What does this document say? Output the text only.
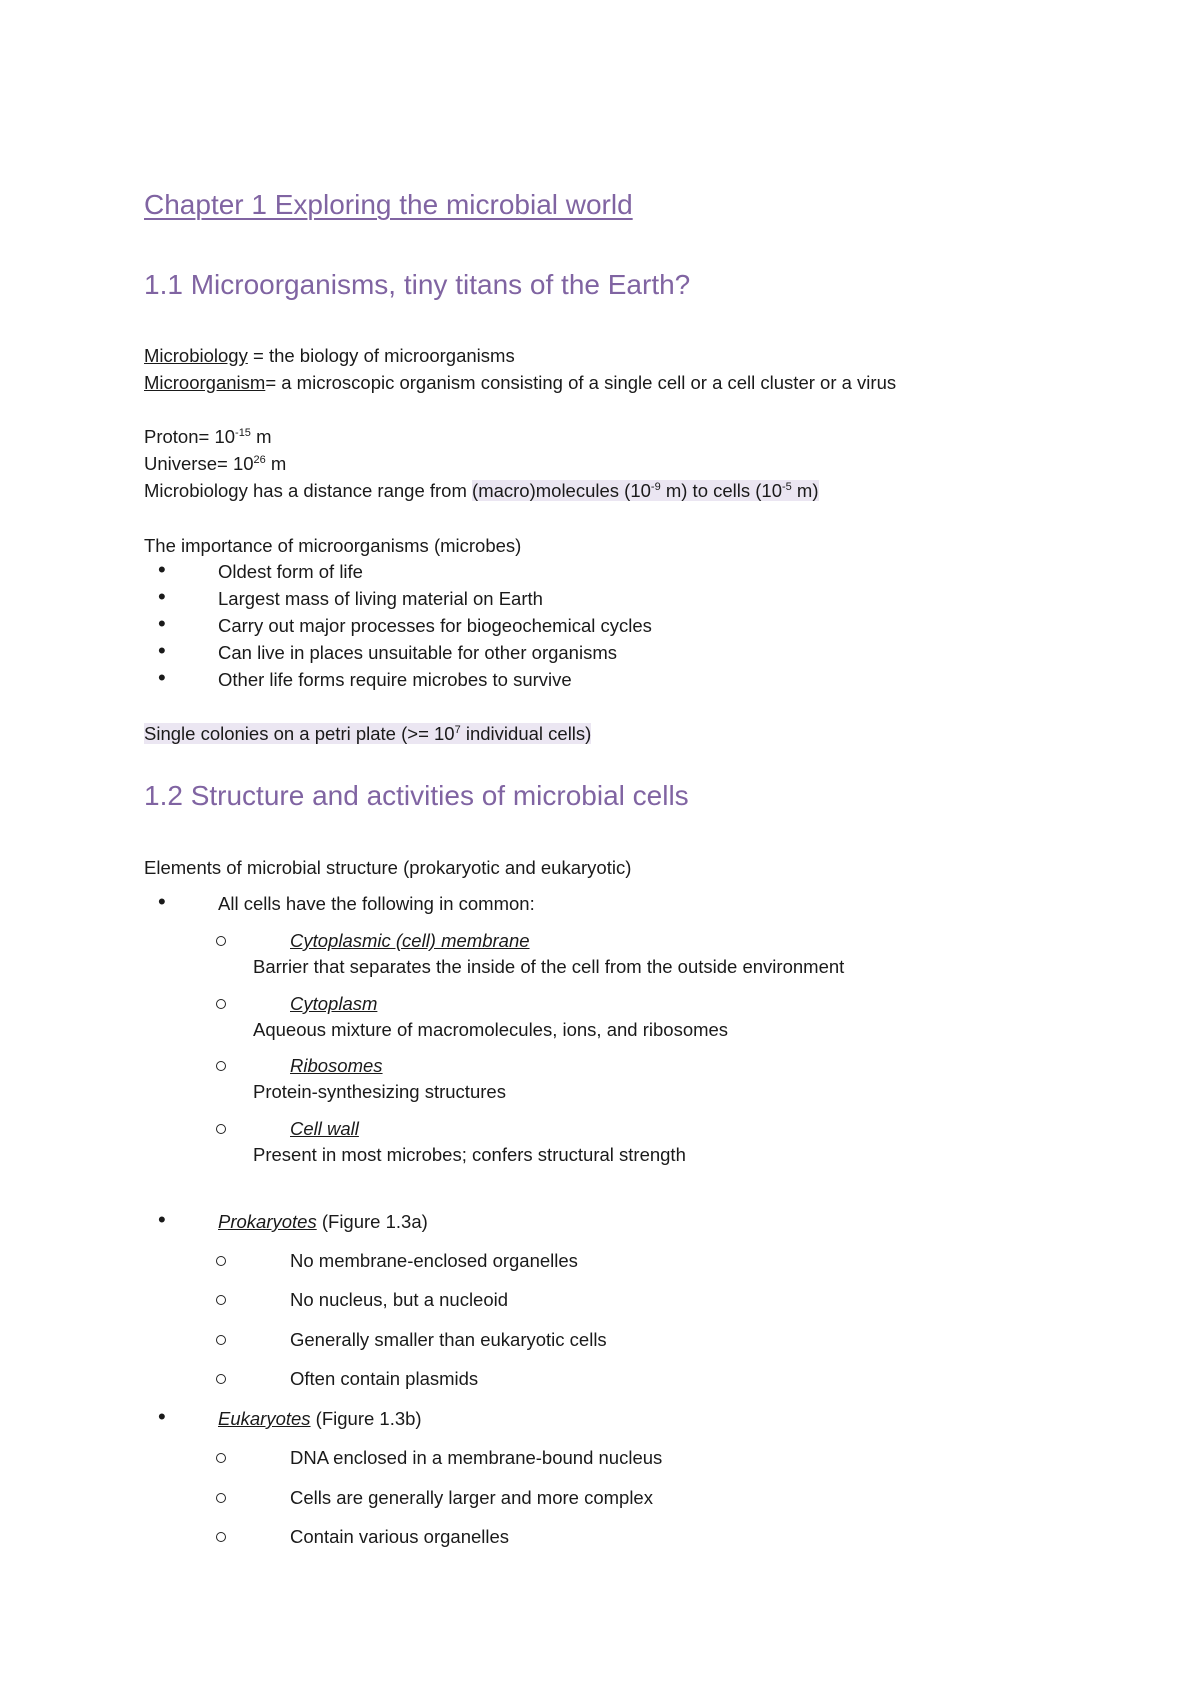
Chapter 1 Exploring the microbial world
1.1 Microorganisms, tiny titans of the Earth?
Microbiology = the biology of microorganisms
Microorganism= a microscopic organism consisting of a single cell or a cell cluster or a virus
Proton= $10^{-15}$ m
Universe= $10^{26}$ m
Microbiology has a distance range from (macro)molecules ($10^{-9}$ m) to cells ($10^{-5}$ m)
The importance of microorganisms (microbes)
•	Oldest form of life
•	Largest mass of living material on Earth
•	Carry out major processes for biogeochemical cycles
•	Can live in places unsuitable for other organisms
•	Other life forms require microbes to survive
Single colonies on a petri plate (>= $10^7$ individual cells)
1.2 Structure and activities of microbial cells
Elements of microbial structure (prokaryotic and eukaryotic)
•	All cells have the following in common:
Cytoplasmic (cell) membrane
Barrier that separates the inside of the cell from the outside environment
Cytoplasm
Aqueous mixture of macromolecules, ions, and ribosomes
Ribosomes
Protein-synthesizing structures
Cell wall
Present in most microbes; confers structural strength
•	Prokaryotes (Figure 1.3a)
No membrane-enclosed organelles
No nucleus, but a nucleoid
Generally smaller than eukaryotic cells
Often contain plasmids
•	Eukaryotes (Figure 1.3b)
DNA enclosed in a membrane-bound nucleus
Cells are generally larger and more complex
Contain various organelles
